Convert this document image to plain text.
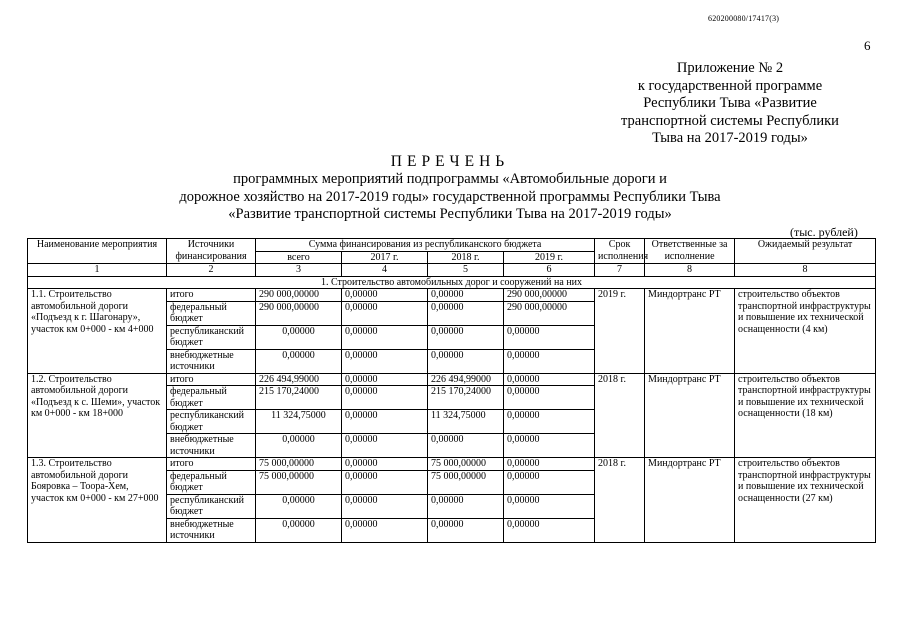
620200080/17417(3)
6
Приложение № 2
к государственной программе
Республики Тыва «Развитие
транспортной системы Республики
Тыва на 2017-2019 годы»
ПЕРЕЧЕНЬ
программных мероприятий подпрограммы «Автомобильные дороги и
дорожное хозяйство на 2017-2019 годы» государственной программы Республики Тыва
«Развитие транспортной системы Республики Тыва на 2017-2019 годы»
(тыс. рублей)
Наименование мероприятия	Источники финансирования	Сумма финансирования из республиканского бюджета				Срок исполнения	Ответственные за исполнение	Ожидаемый результат
		всего	2017 г.	2018 г.	2019 г.			
1	2	3	4	5	6	7	8	8
1. Строительство автомобильных дорог и сооружений на них								
1.1. Строительство автомобильной дороги «Подъезд к г. Шагонару», участок км 0+000 - км 4+000	итого	290 000,00000	0,00000	0,00000	290 000,00000	2019 г.	Миндортранс РТ	строительство объектов транспортной инфраструктуры и повышение их технической оснащенности (4 км)
	федеральный бюджет	290 000,00000	0,00000	0,00000	290 000,00000			
	республиканский бюджет	0,00000	0,00000	0,00000	0,00000			
	внебюджетные источники	0,00000	0,00000	0,00000	0,00000			
1.2. Строительство автомобильной дороги «Подъезд к с. Шеми», участок км 0+000 - км 18+000	итого	226 494,99000	0,00000	226 494,99000	0,00000	2018 г.	Миндортранс РТ	строительство объектов транспортной инфраструктуры и повышение их технической оснащенности (18 км)
	федеральный бюджет	215 170,24000	0,00000	215 170,24000	0,00000			
	республиканский бюджет	11 324,75000	0,00000	11 324,75000	0,00000			
	внебюджетные источники	0,00000	0,00000	0,00000	0,00000			
1.3. Строительство автомобильной дороги Бояровка – Тоора-Хем, участок км 0+000 - км 27+000	итого	75 000,00000	0,00000	75 000,00000	0,00000	2018 г.	Миндортранс РТ	строительство объектов транспортной инфраструктуры и повышение их технической оснащенности (27 км)
	федеральный бюджет	75 000,00000	0,00000	75 000,00000	0,00000			
	республиканский бюджет	0,00000	0,00000	0,00000	0,00000			
	внебюджетные источники	0,00000	0,00000	0,00000	0,00000			
